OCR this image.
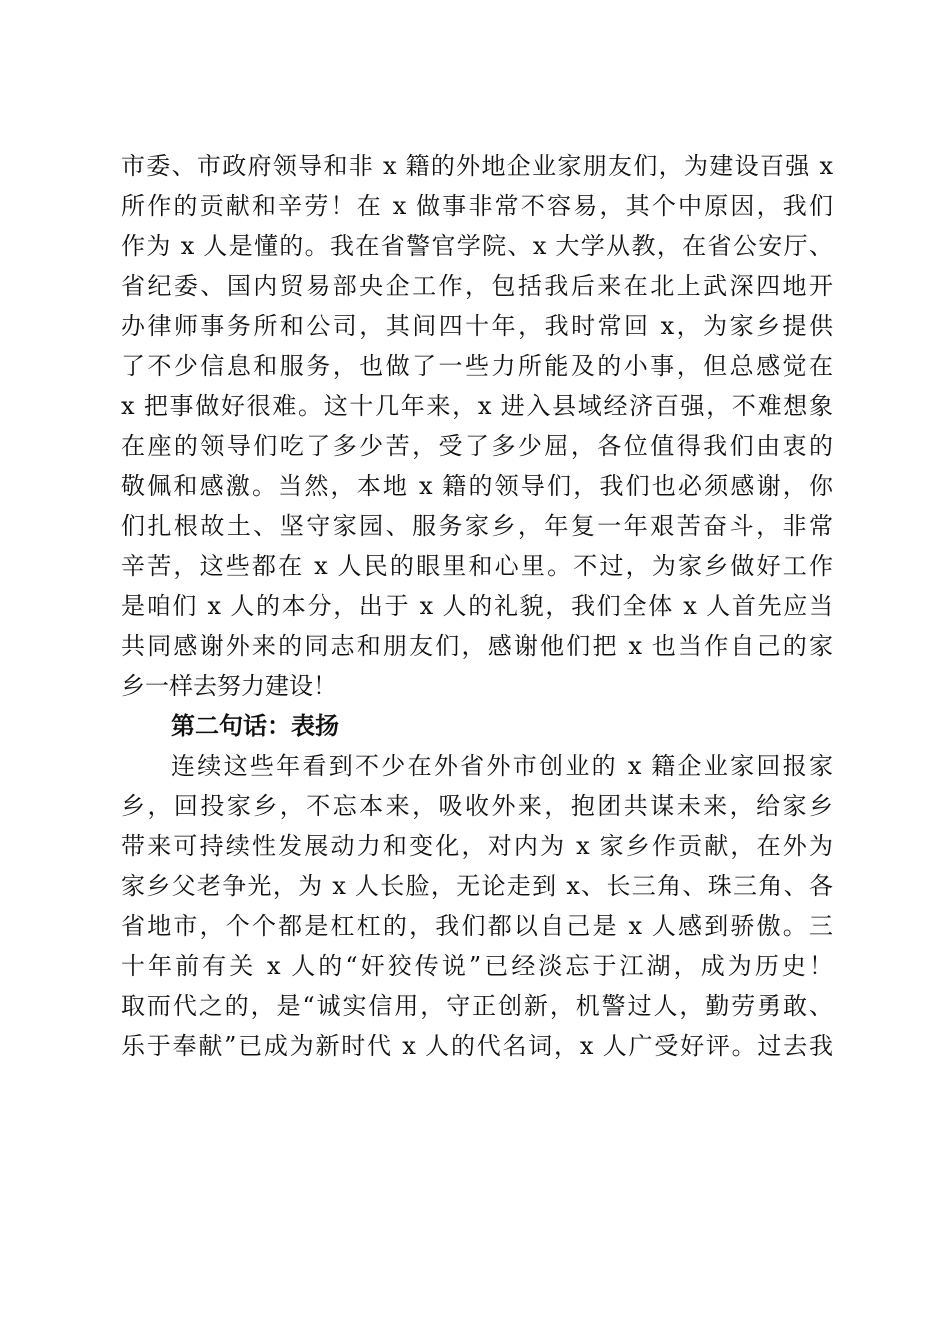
市委、市政府领导和非 x 籍的外地企业家朋友们，为建设百强 x
所作的贡献和辛劳！在 x 做事非常不容易，其个中原因，我们
作为 x 人是懂的。我在省警官学院、x 大学从教，在省公安厅、
省纪委、国内贸易部央企工作，包括我后来在北上武深四地开
办律师事务所和公司，其间四十年，我时常回 x，为家乡提供
了不少信息和服务，也做了一些力所能及的小事，但总感觉在
x 把事做好很难。这十几年来，x 进入县域经济百强，不难想象
在座的领导们吃了多少苦，受了多少屈，各位值得我们由衷的
敬佩和感激。当然，本地 x 籍的领导们，我们也必须感谢，你
们扎根故土、坚守家园、服务家乡，年复一年艰苦奋斗，非常
辛苦，这些都在 x 人民的眼里和心里。不过，为家乡做好工作
是咱们 x 人的本分，出于 x 人的礼貌，我们全体 x 人首先应当
共同感谢外来的同志和朋友们，感谢他们把 x 也当作自己的家
乡一样去努力建设！
第二句话：表扬
连续这些年看到不少在外省外市创业的 x 籍企业家回报家
乡，回投家乡，不忘本来，吸收外来，抱团共谋未来，给家乡
带来可持续性发展动力和变化，对内为 x 家乡作贡献，在外为
家乡父老争光，为 x 人长脸，无论走到 x、长三角、珠三角、各
省地市，个个都是杠杠的，我们都以自己是 x 人感到骄傲。三
十年前有关 x 人的“奸狡传说”已经淡忘于江湖，成为历史！
取而代之的，是“诚实信用，守正创新，机警过人，勤劳勇敢、
乐于奉献”已成为新时代 x 人的代名词，x 人广受好评。过去我
